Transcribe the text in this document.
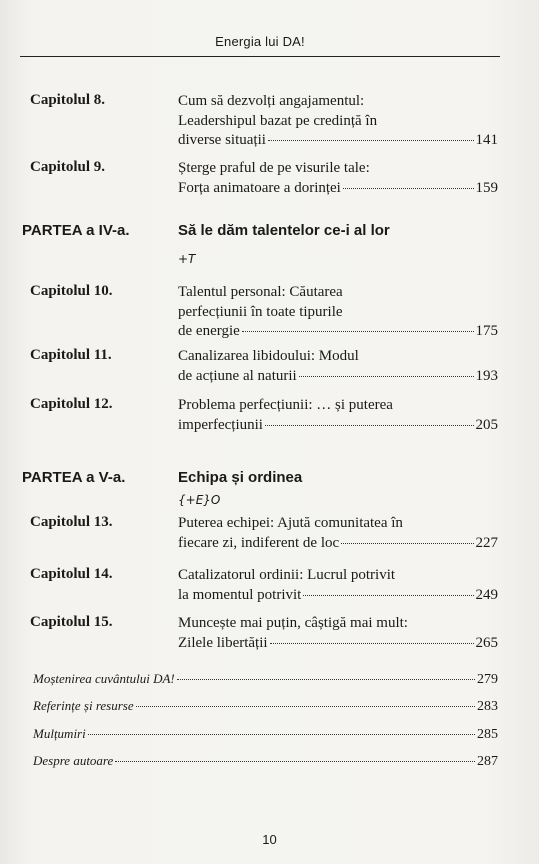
Energia lui DA!
Capitolul 8.	Cum să dezvolți angajamentul:
Leadershipul bazat pe credință în
diverse situații	141
Capitolul 9.	Șterge praful de pe visurile tale:
Forța animatoare a dorinței	159
PARTEA a IV-a.	Să le dăm talentelor ce-i al lor
+T
Capitolul 10.	Talentul personal: Căutarea
perfecțiunii în toate tipurile
de energie	175
Capitolul 11.	Canalizarea libidoului: Modul
de acțiune al naturii	193
Capitolul 12.	Problema perfecțiunii: … și puterea
imperfecțiunii	205
PARTEA a V-a.	Echipa și ordinea
{+E}O
Capitolul 13.	Puterea echipei: Ajută comunitatea în
fiecare zi, indiferent de loc	227
Capitolul 14.	Catalizatorul ordinii: Lucrul potrivit
la momentul potrivit	249
Capitolul 15.	Muncește mai puțin, câștigă mai mult:
Zilele libertății	265
Moștenirea cuvântului DA!	279
Referințe și resurse	283
Mulțumiri	285
Despre autoare	287
10
